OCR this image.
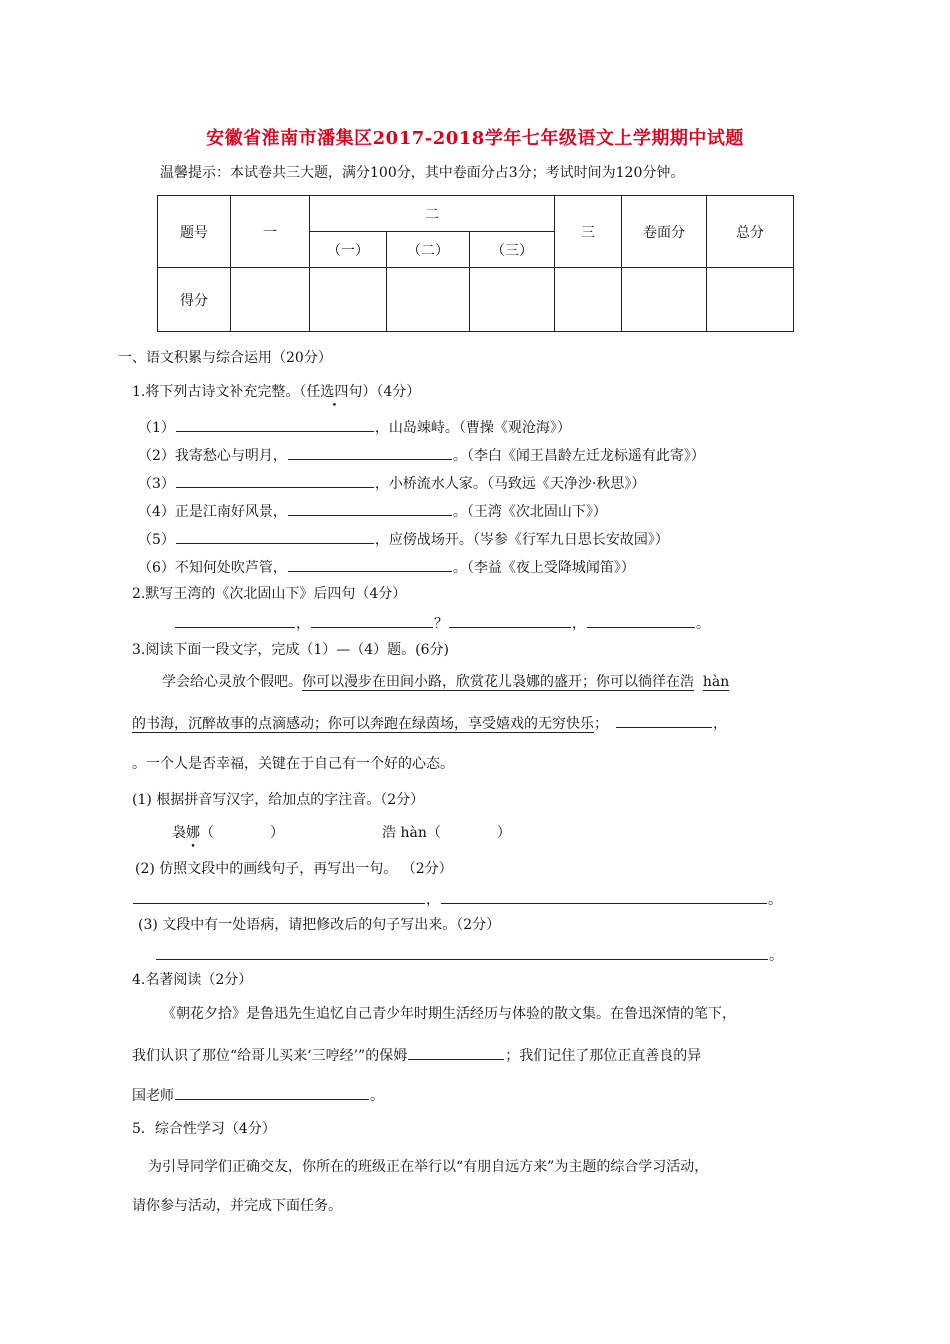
安徽省淮南市潘集区2017-2018学年七年级语文上学期期中试题
温馨提示：本试卷共三大题，满分100分，其中卷面分占3分；考试时间为120分钟。
题号	一	二			三	卷面分	总分
		（一）	（二）	（三）			
得分							
一、语文积累与综合运用（20分）
1.将下列古诗文补充完整。（任选四句）（4分）
（1）	，山岛竦峙。（曹操《观沧海》）
（2）我寄愁心与明月，	。（李白《闻王昌龄左迁龙标遥有此寄》）
（3）	，小桥流水人家。（马致远《天净沙·秋思》）
（4）正是江南好风景，	。（王湾《次北固山下》）
（5）	，应傍战场开。（岑参《行军九日思长安故园》）
（6）不知何处吹芦管，	。（李益《夜上受降城闻笛》）
2.默写王湾的《次北固山下》后四句（4分）
，	？	，	。
3.阅读下面一段文字，完成（1）—（4）题。(6分)
学会给心灵放个假吧。你可以漫步在田间小路，欣赏花儿袅娜的盛开；你可以徜徉在浩 hàn
的书海，沉醉故事的点滴感动；你可以奔跑在绿茵场，享受嬉戏的无穷快乐；	，
。一个人是否幸福，关键在于自己有一个好的心态。
(1) 根据拼音写汉字，给加点的字注音。（2分）
袅娜（　　　　）	浩 hàn（　　　　）
(2) 仿照文段中的画线句子，再写出一句。 （2分）
，	。
(3) 文段中有一处语病，请把修改后的句子写出来。（2分）
。
4.名著阅读（2分）
《朝花夕拾》是鲁迅先生追忆自己青少年时期生活经历与体验的散文集。在鲁迅深情的笔下，
我们认识了那位“给哥儿买来‘三哼经’”的保姆	；我们记住了那位正直善良的异
国老师	。
5．综合性学习（4分）
为引导同学们正确交友，你所在的班级正在举行以“有朋自远方来”为主题的综合学习活动，
请你参与活动，并完成下面任务。
